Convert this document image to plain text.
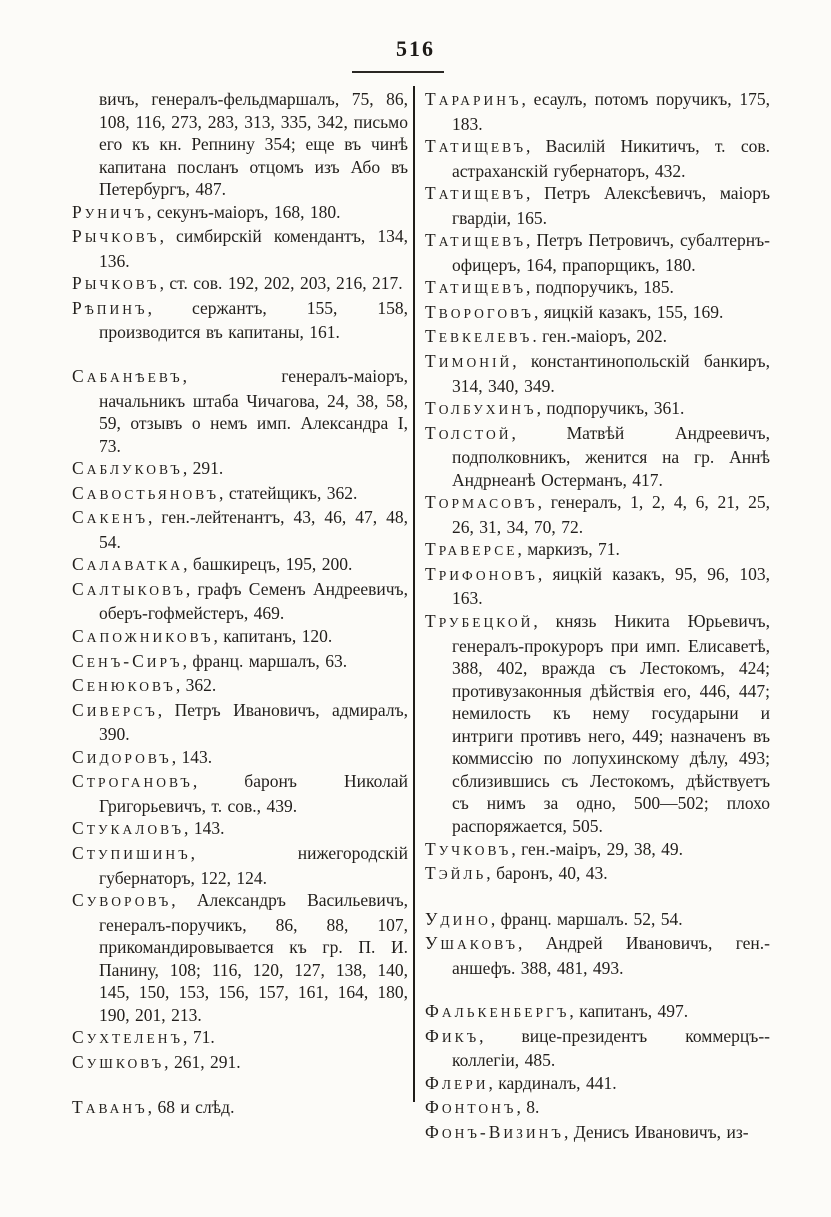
516

вичъ, генералъ-фельдмаршалъ, 75, 86, 108, 116, 273, 283, 313, 335, 342, письмо его къ кн. Репнину 354; еще въ чинѣ капитана посланъ отцомъ изъ Або въ Петербургъ, 487.

РУНИЧЪ, секунъ-маіоръ, 168, 180.

РЫЧКОВЪ, симбирскій комендантъ, 134, 136.

РЫЧКОВЪ, ст. сов. 192, 202, 203, 216, 217.

РѢПИНЪ, сержантъ, 155, 158, производится въ капитаны, 161.

САБАНѢЕВЪ, генералъ-маіоръ, начальникъ штаба Чичагова, 24, 38, 58, 59, отзывъ о немъ имп. Александра I, 73.

САБЛУКОВЪ, 291.

САВОСТЬЯНОВЪ, статейщикъ, 362.

САКЕНЪ, ген.-лейтенантъ, 43, 46, 47, 48, 54.

САЛАВАТКА, башкирецъ, 195, 200.

САЛТЫКОВЪ, графъ Семенъ Андреевичъ, оберъ-гофмейстеръ, 469.

САПОЖНИКОВЪ, капитанъ, 120.

СЕНЪ-СИРЪ, франц. маршалъ, 63.

СЕНЮКОВЪ, 362.

СИВЕРСЪ, Петръ Ивановичъ, адмиралъ, 390.

СИДОРОВЪ, 143.

СТРОГАНОВЪ, баронъ Николай Григорьевичъ, т. сов., 439.

СТУКАЛОВЪ, 143.

СТУПИШИНЪ, нижегородскій губернаторъ, 122, 124.

СУВОРОВЪ, Александръ Васильевичъ, генералъ-поручикъ, 86, 88, 107, прикомандировывается къ гр. П. И. Панину, 108; 116, 120, 127, 138, 140, 145, 150, 153, 156, 157, 161, 164, 180, 190, 201, 213.

СУХТЕЛЕНЪ, 71.

СУШКОВЪ, 261, 291.

ТАВАНЪ, 68 и слѣд.

ТАРАРИНЪ, есаулъ, потомъ поручикъ, 175, 183.

ТАТИЩЕВЪ, Василій Никитичъ, т. сов. астраханскій губернаторъ, 432.

ТАТИЩЕВЪ, Петръ Алексѣевичъ, маіоръ гвардіи, 165.

ТАТИЩЕВЪ, Петръ Петровичъ, субалтернъ-офицеръ, 164, прапорщикъ, 180.

ТАТИЩЕВЪ, подпоручикъ, 185.

ТВОРОГОВЪ, яицкій казакъ, 155, 169.

ТЕВКЕЛЕВЪ. ген.-маіоръ, 202.

ТИМОНІЙ, константинопольскій банкиръ, 314, 340, 349.

ТОЛБУХИНЪ, подпоручикъ, 361.

ТОЛСТОЙ, Матвѣй Андреевичъ, подполковникъ, женится на гр. Аннѣ Андрнеанѣ Остерманъ, 417.

ТОРМАСОВЪ, генералъ, 1, 2, 4, 6, 21, 25, 26, 31, 34, 70, 72.

ТРАВЕРСЕ, маркизъ, 71.

ТРИФОНОВЪ, яицкій казакъ, 95, 96, 103, 163.

ТРУБЕЦКОЙ, князь Никита Юрьевичъ, генералъ-прокуроръ при имп. Елисаветѣ, 388, 402, вражда съ Лестокомъ, 424; противузаконныя дѣйствія его, 446, 447; немилость къ нему государыни и интриги противъ него, 449; назначенъ въ коммиссію по лопухинскому дѣлу, 493; сблизившись съ Лестокомъ, дѣйствуетъ съ нимъ за одно, 500—502; плохо распоряжается, 505.

ТУЧКОВЪ, ген.-маіръ, 29, 38, 49.

ТЭЙЛЬ, баронъ, 40, 43.

УДИНО, франц. маршалъ. 52, 54.

УШАКОВЪ, Андрей Ивановичъ, ген.-аншефъ. 388, 481, 493.

ФАЛЬКЕНБЕРГЪ, капитанъ, 497.

ФИКЪ, вице-президентъ коммерцъ--коллегіи, 485.

ФЛЕРИ, кардиналъ, 441.

ФОНТОНЪ, 8.

ФОНЪ-ВИЗИНЪ, Денисъ Ивановичъ, из-
